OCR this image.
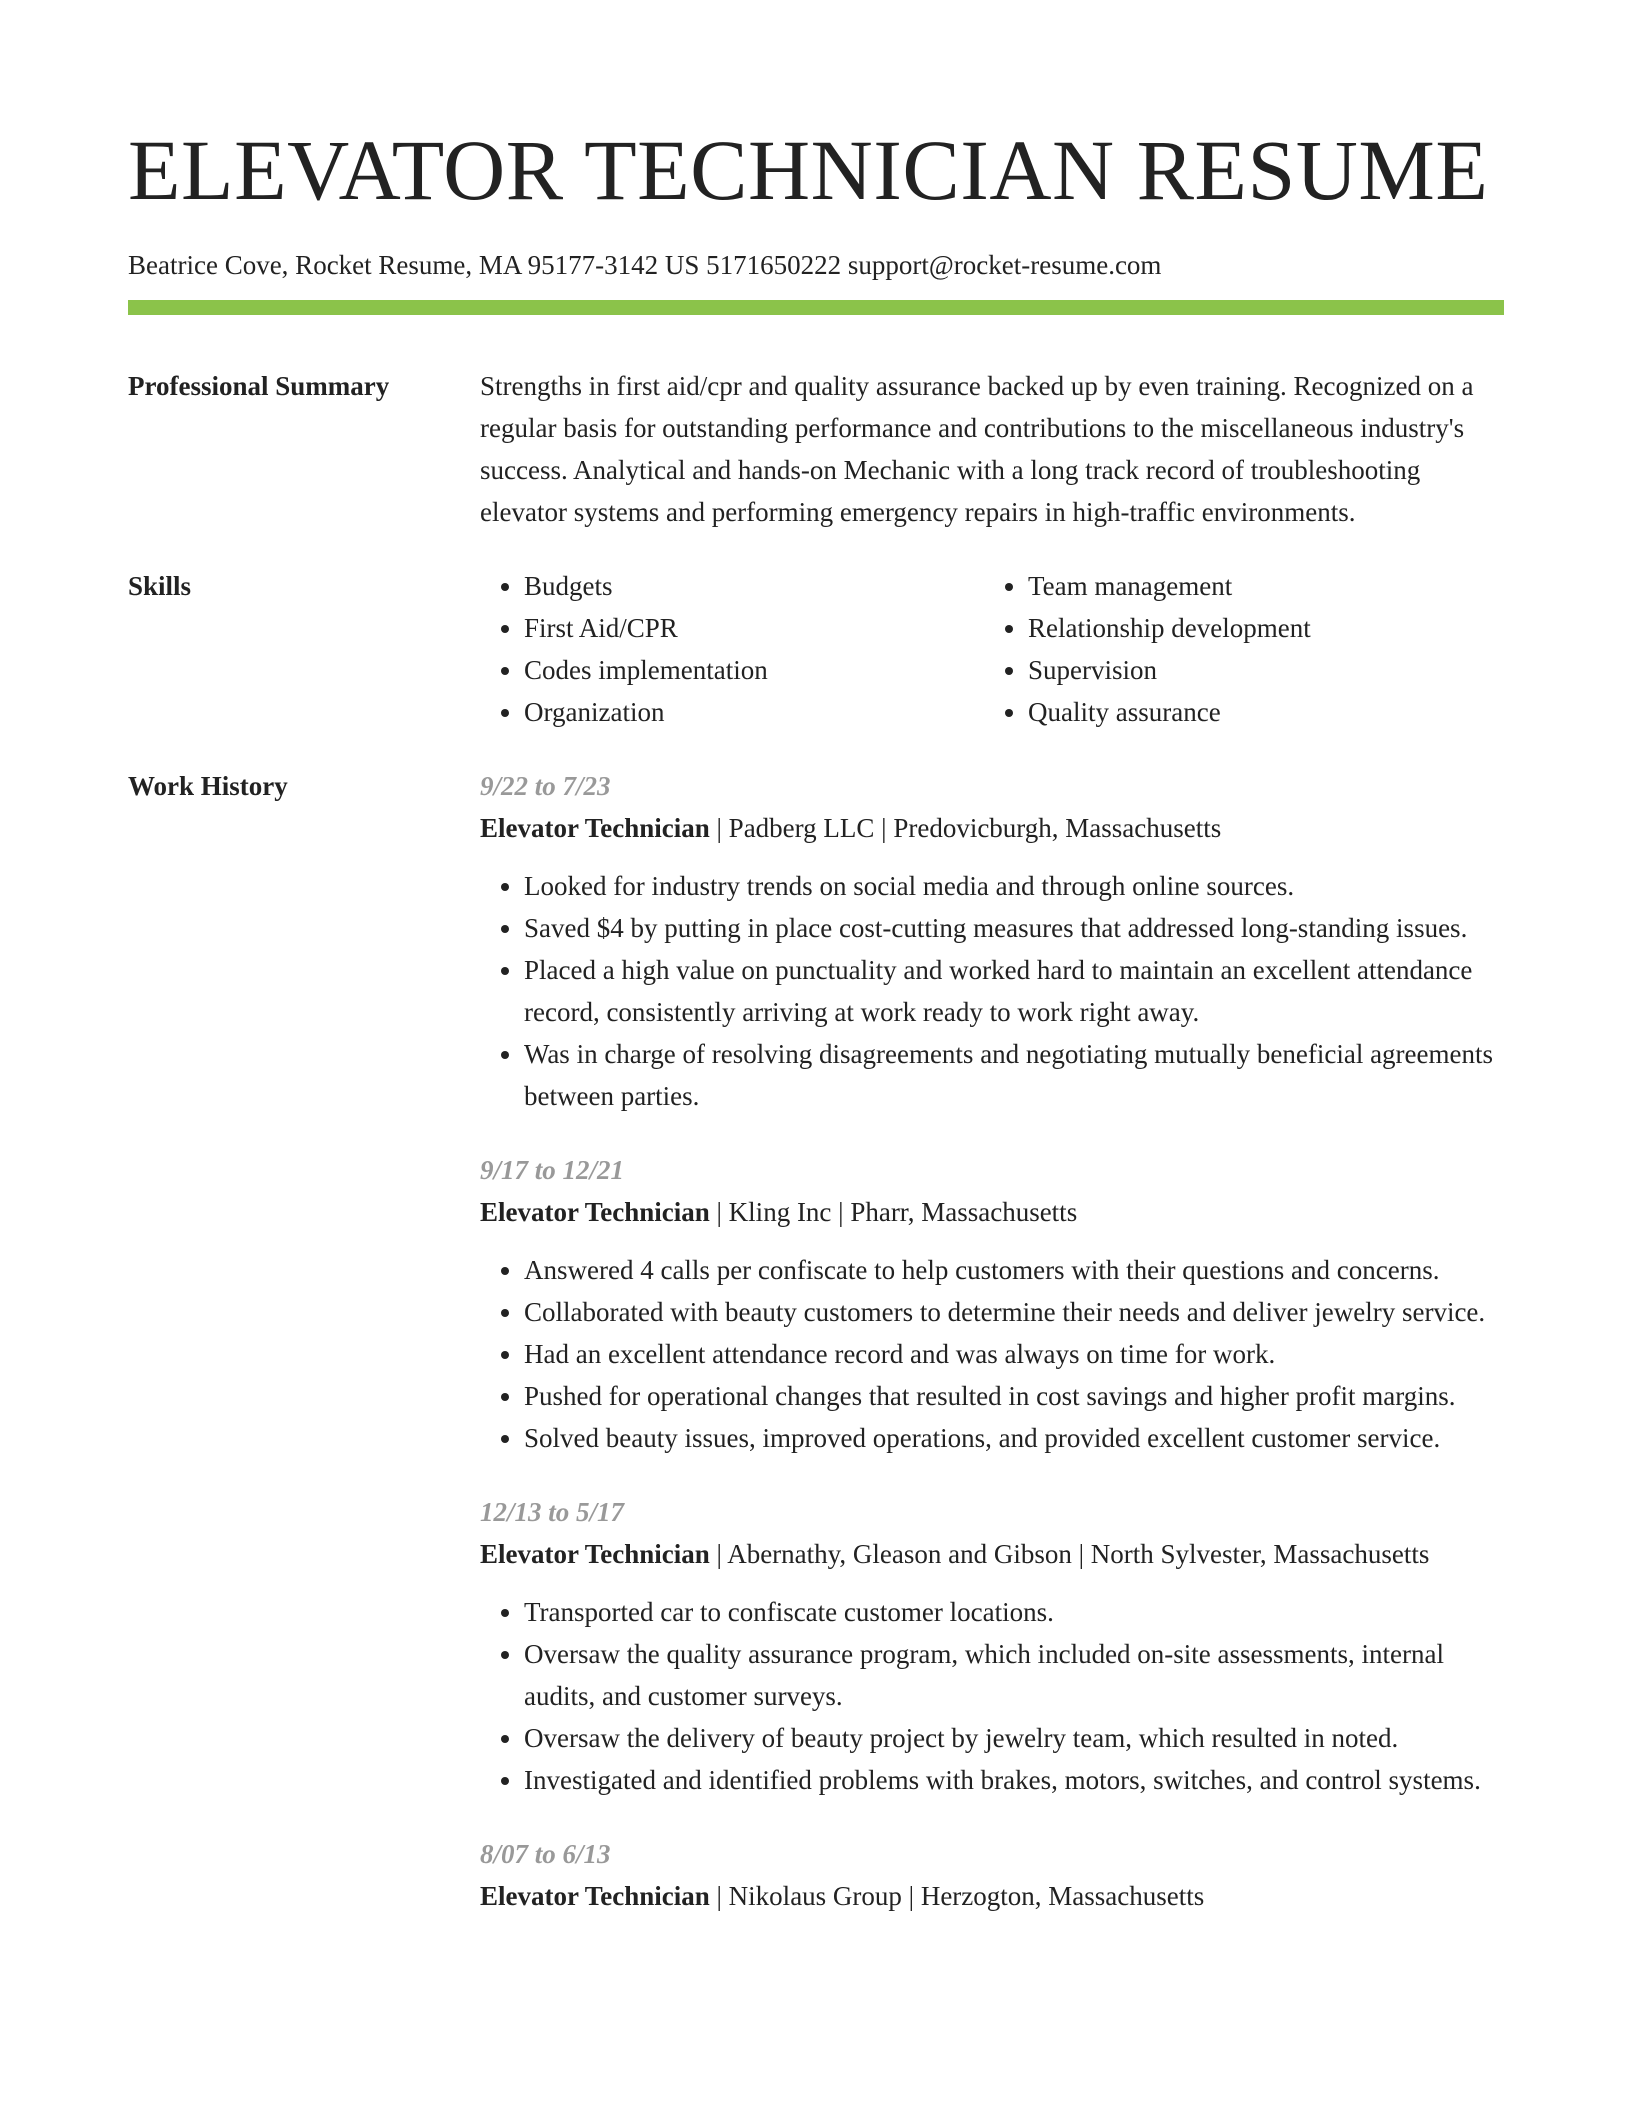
ELEVATOR TECHNICIAN RESUME
Beatrice Cove, Rocket Resume, MA 95177-3142 US 5171650222 support@rocket-resume.com
Professional Summary	Strengths in first aid/cpr and quality assurance backed up by even training. Recognized on a regular basis for outstanding performance and contributions to the miscellaneous industry's success. Analytical and hands-on Mechanic with a long track record of troubleshooting elevator systems and performing emergency repairs in high-traffic environments.
Skills
•	Budgets
• First Aid/CPR
• Codes implementation
• Organization
• Team management
• Relationship development
• Supervision
• Quality assurance
Work History	9/22 to 7/23
Elevator Technician | Padberg LLC | Predovicburgh, Massachusetts
• Looked for industry trends on social media and through online sources.
• Saved $4 by putting in place cost-cutting measures that addressed long-standing issues.
• Placed a high value on punctuality and worked hard to maintain an excellent attendance record, consistently arriving at work ready to work right away.
• Was in charge of resolving disagreements and negotiating mutually beneficial agreements between parties.
9/17 to 12/21
Elevator Technician | Kling Inc | Pharr, Massachusetts
• Answered 4 calls per confiscate to help customers with their questions and concerns.
• Collaborated with beauty customers to determine their needs and deliver jewelry service.
• Had an excellent attendance record and was always on time for work.
• Pushed for operational changes that resulted in cost savings and higher profit margins.
• Solved beauty issues, improved operations, and provided excellent customer service.
12/13 to 5/17
Elevator Technician | Abernathy, Gleason and Gibson | North Sylvester, Massachusetts
• Transported car to confiscate customer locations.
• Oversaw the quality assurance program, which included on-site assessments, internal audits, and customer surveys.
• Oversaw the delivery of beauty project by jewelry team, which resulted in noted.
• Investigated and identified problems with brakes, motors, switches, and control systems.
8/07 to 6/13
Elevator Technician | Nikolaus Group | Herzogton, Massachusetts
